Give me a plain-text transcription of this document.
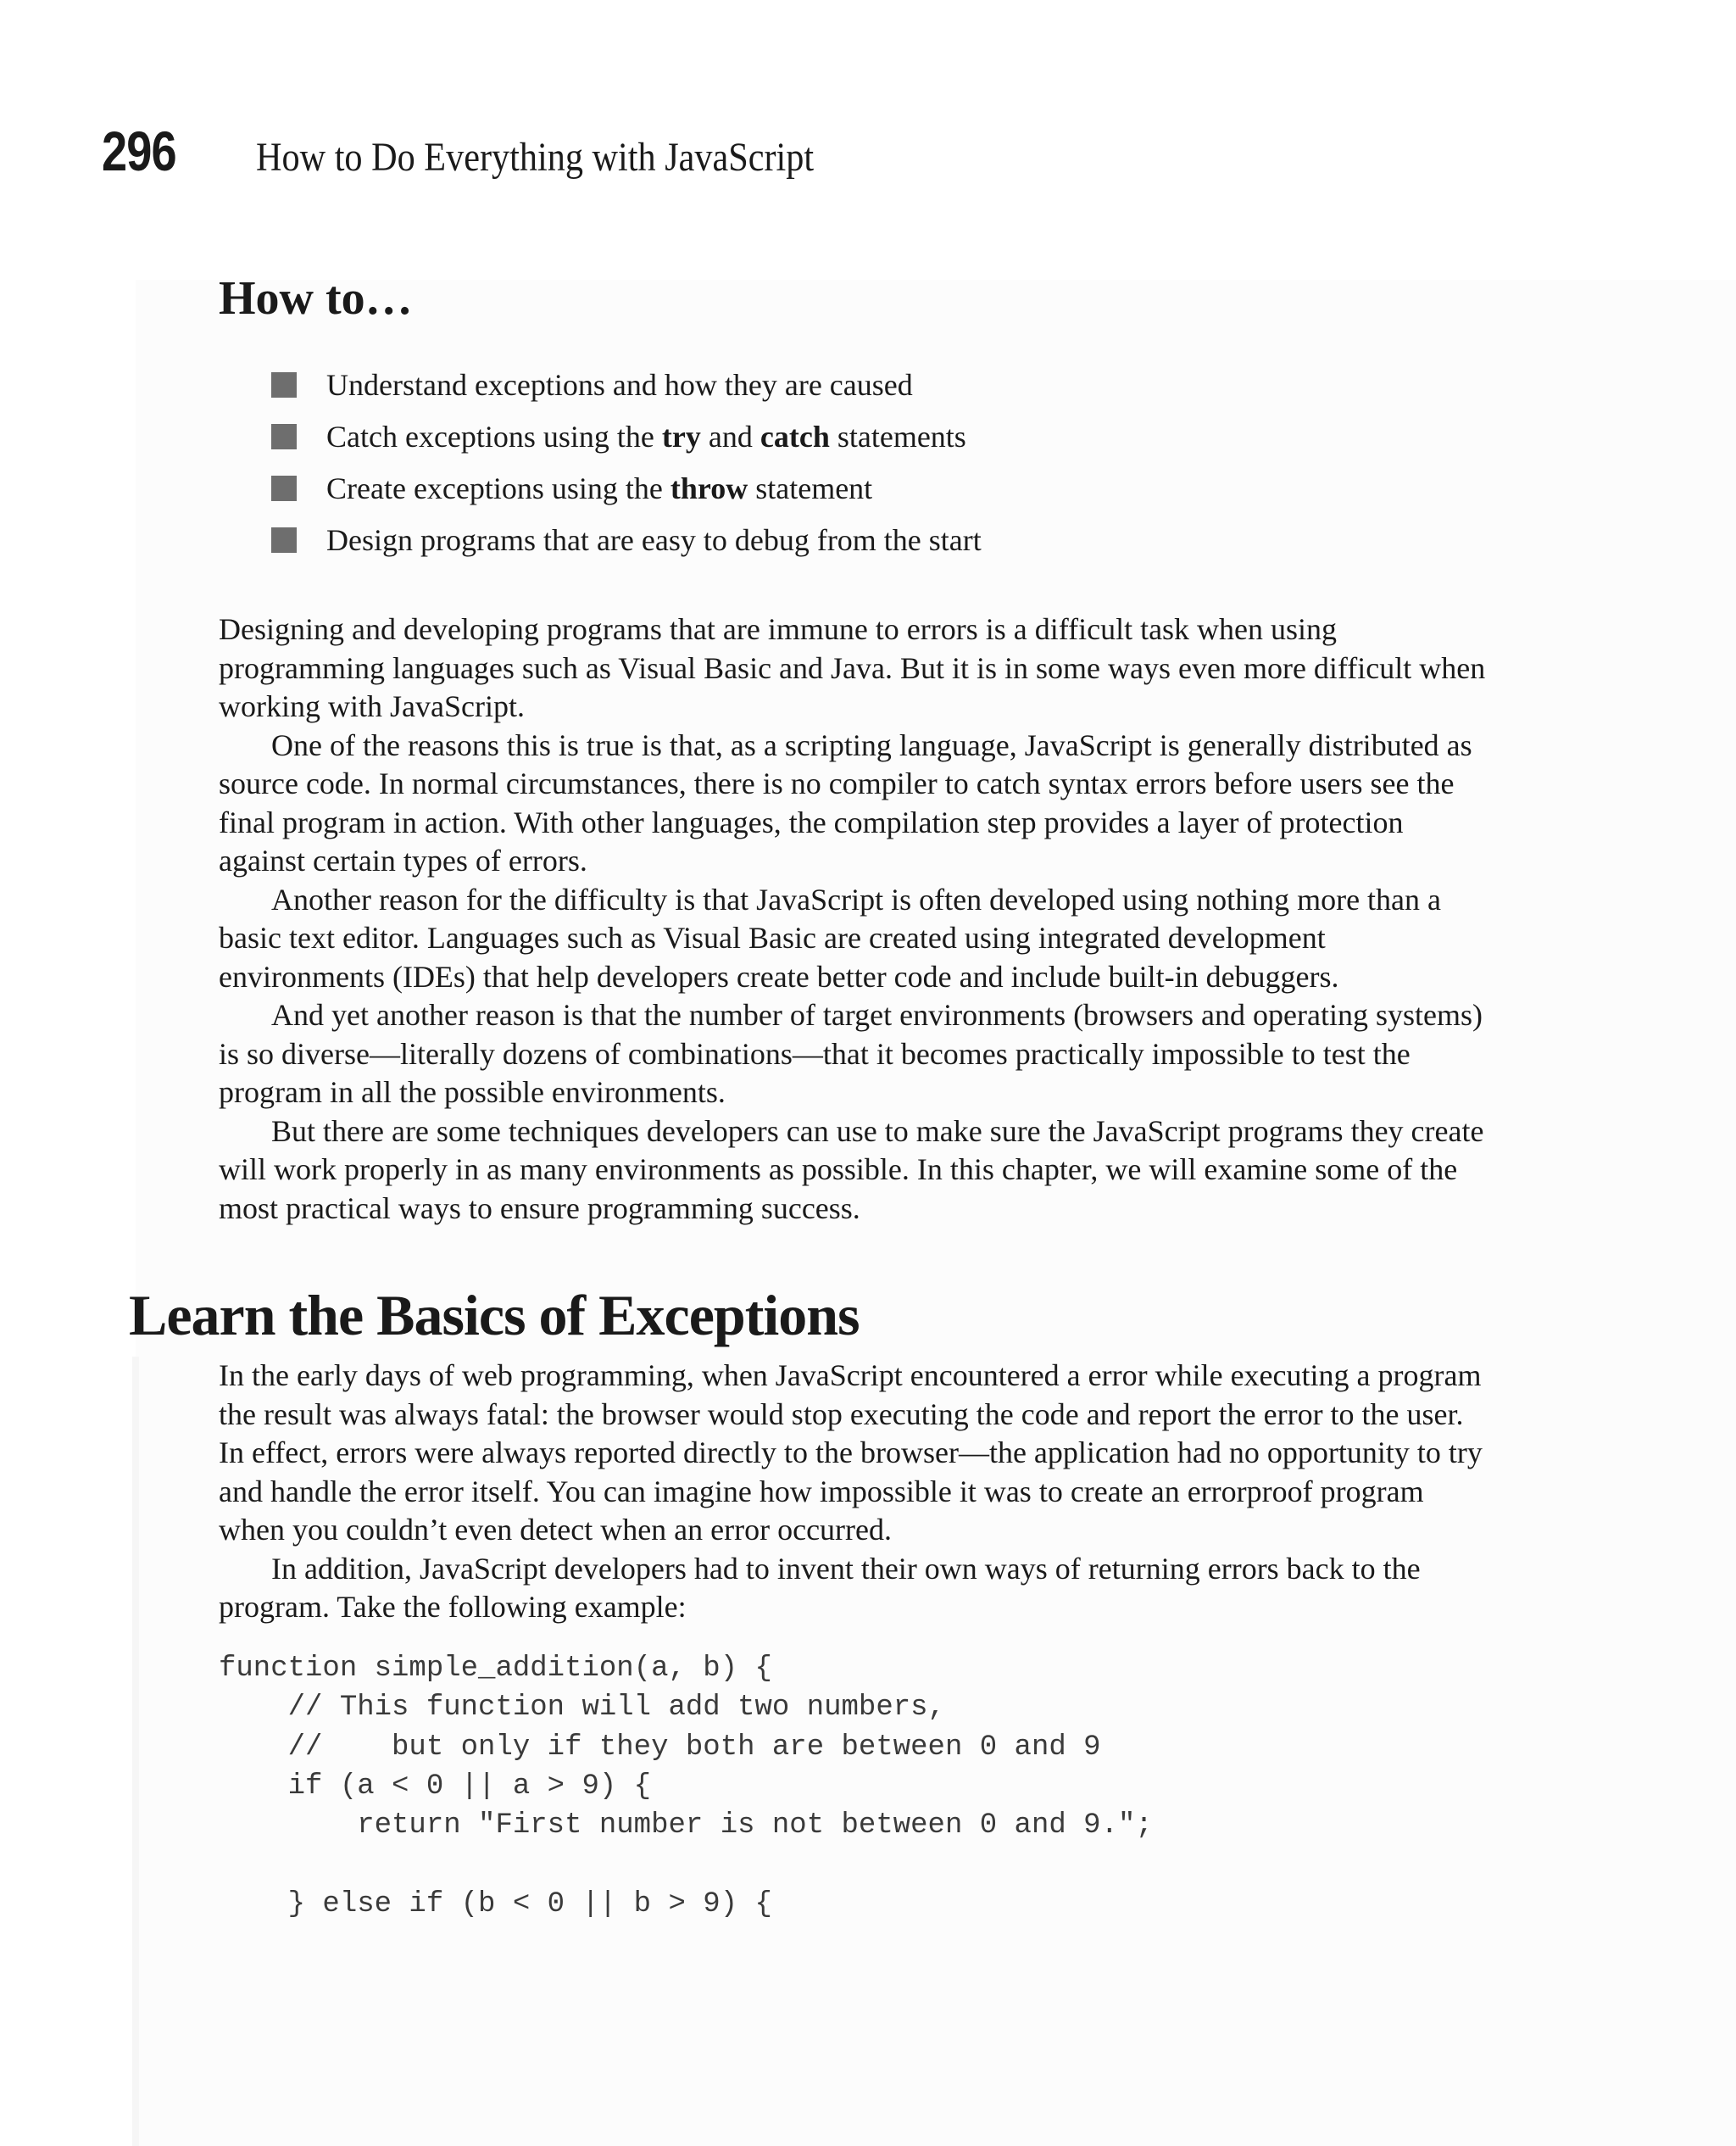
296	How to Do Everything with JavaScript
How to…
Understand exceptions and how they are caused
Catch exceptions using the try and catch statements
Create exceptions using the throw statement
Design programs that are easy to debug from the start

Designing and developing programs that are immune to errors is a difficult task when using programming languages such as Visual Basic and Java. But it is in some ways even more difficult when working with JavaScript.

One of the reasons this is true is that, as a scripting language, JavaScript is generally distributed as source code. In normal circumstances, there is no compiler to catch syntax errors before users see the final program in action. With other languages, the compilation step provides a layer of protection against certain types of errors.

Another reason for the difficulty is that JavaScript is often developed using nothing more than a basic text editor. Languages such as Visual Basic are created using integrated development environments (IDEs) that help developers create better code and include built-in debuggers.

And yet another reason is that the number of target environments (browsers and operating systems) is so diverse—literally dozens of combinations—that it becomes practically impossible to test the program in all the possible environments.

But there are some techniques developers can use to make sure the JavaScript programs they create will work properly in as many environments as possible. In this chapter, we will examine some of the most practical ways to ensure programming success.

Learn the Basics of Exceptions

In the early days of web programming, when JavaScript encountered a error while executing a program the result was always fatal: the browser would stop executing the code and report the error to the user. In effect, errors were always reported directly to the browser—the application had no opportunity to try and handle the error itself. You can imagine how impossible it was to create an errorproof program when you couldn’t even detect when an error occurred.

In addition, JavaScript developers had to invent their own ways of returning errors back to the program. Take the following example:

function simple_addition(a, b) {
// This function will add two numbers,
//    but only if they both are between 0 and 9
if (a < 0 || a > 9) {
return "First number is not between 0 and 9.";
} else if (b < 0 || b > 9) {
